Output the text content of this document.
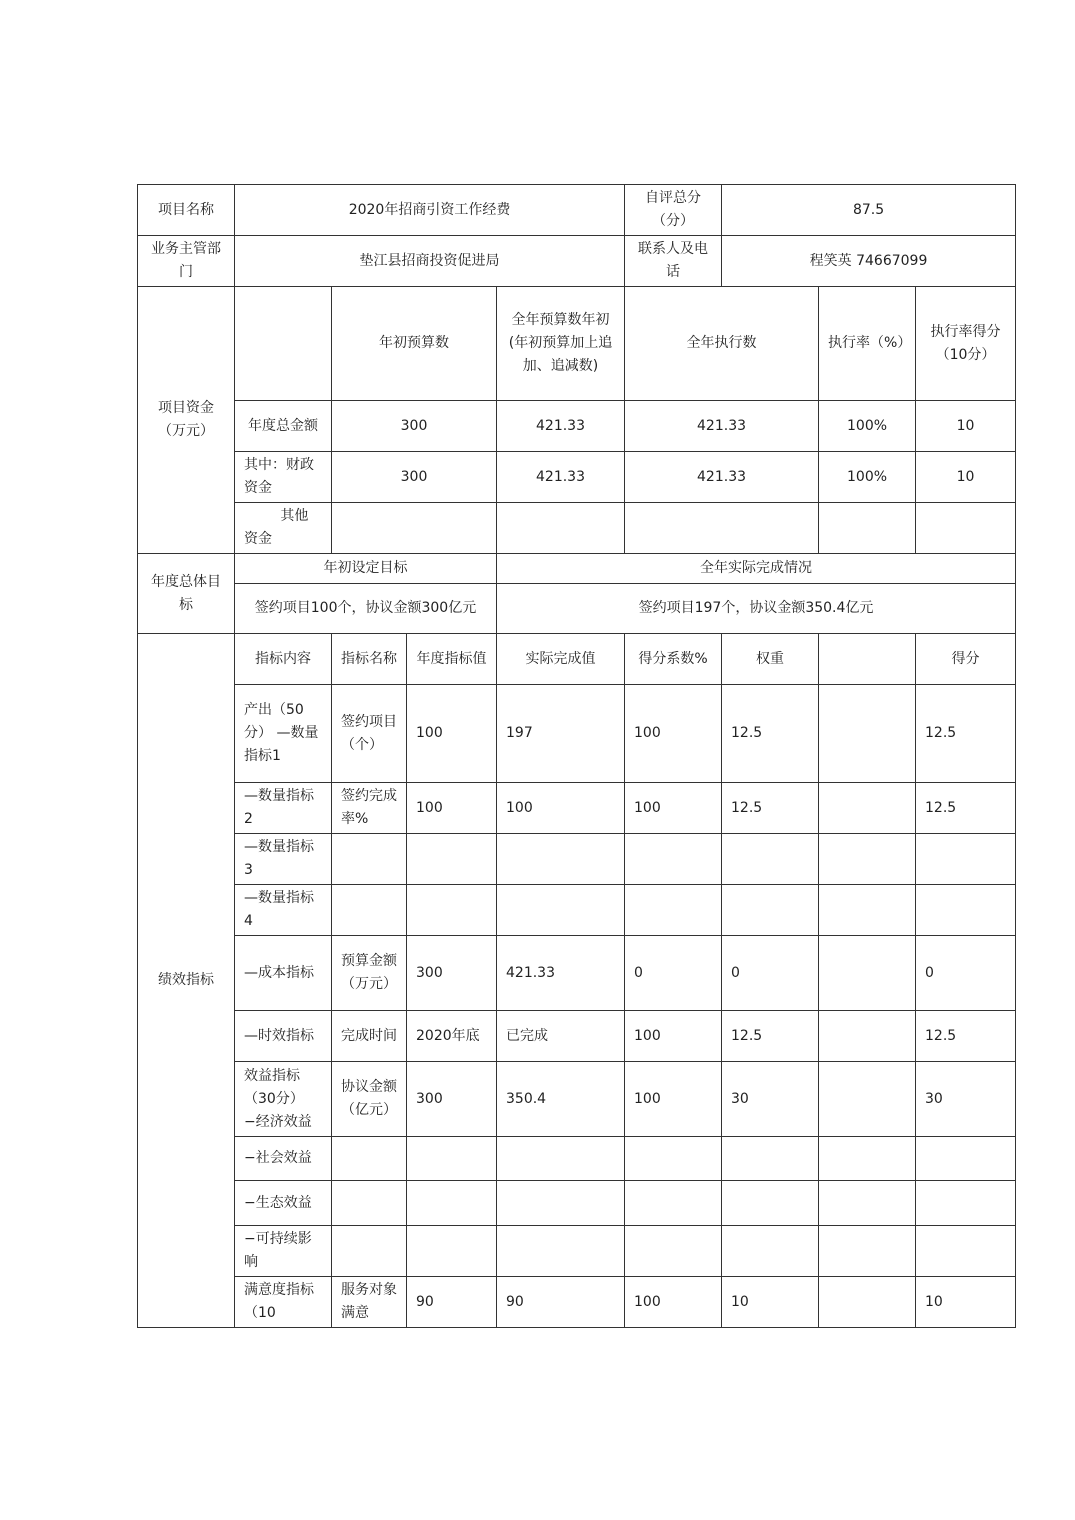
项目名称	2020年招商引资工作经费				自评总分（分）	87.5		
业务主管部门	垫江县招商投资促进局				联系人及电话	程笑英 74667099		
项目资金（万元）		年初预算数		全年预算数年初(年初预算加上追加、追减数)	全年执行数		执行率（%）	执行率得分（10分）
	年度总金额	300		421.33	421.33		100%	10
	其中：财政资金	300		421.33	421.33		100%	10
	其他资金							
年度总体目标	年初设定目标			全年实际完成情况				
	签约项目100个，协议金额300亿元			签约项目197个，协议金额350.4亿元				
绩效指标	指标内容	指标名称	年度指标值	实际完成值	得分系数%	权重		得分
	产出（50分） —数量指标1	签约项目（个）	100	197	100	12.5		12.5
	—数量指标2	签约完成率%	100	100	100	12.5		12.5
	—数量指标3							
	—数量指标4							
	—成本指标	预算金额（万元）	300	421.33	0	0		0
	—时效指标	完成时间	2020年底	已完成	100	12.5		12.5
	效益指标（30分）−经济效益	协议金额（亿元）	300	350.4	100	30		30
	−社会效益							
	−生态效益							
	−可持续影响							
	满意度指标（10	服务对象满意	90	90	100	10		10
